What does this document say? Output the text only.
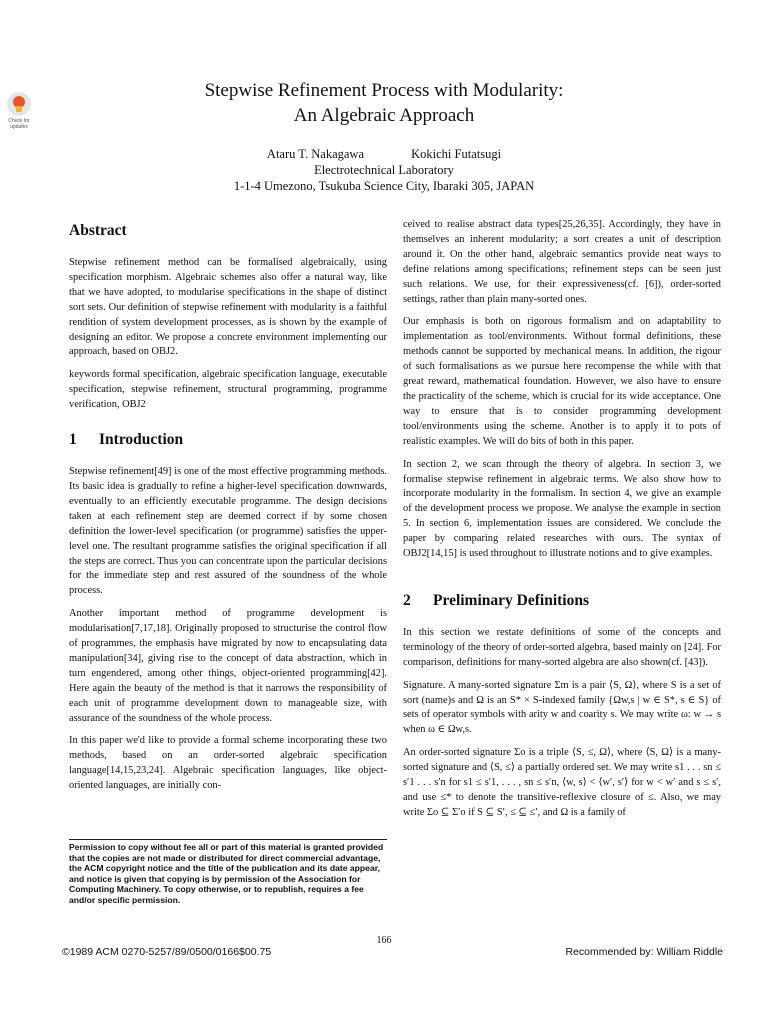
Check for updates
Stepwise Refinement Process with Modularity:
An Algebraic Approach
Ataru T. Nakagawa	Kokichi Futatsugi
Electrotechnical Laboratory
1-1-4 Umezono, Tsukuba Science City, Ibaraki 305, JAPAN
Abstract

Stepwise refinement method can be formalised algebraically, using specification morphism. Algebraic schemes also offer a natural way, like that we have adopted, to modularise specifications in the shape of distinct sort sets. Our definition of stepwise refinement with modularity is a faithful rendition of system development processes, as is shown by the example of designing an editor. We propose a concrete environment implementing our approach, based on OBJ2.

keywords formal specification, algebraic specification language, executable specification, stepwise refinement, structural programming, programme verification, OBJ2

1 Introduction

Stepwise refinement[49] is one of the most effective programming methods. Its basic idea is gradually to refine a higher-level specification downwards, eventually to an efficiently executable programme. The design decisions taken at each refinement step are deemed correct if by some chosen definition the lower-level specification (or programme) satisfies the upper-level one. The resultant programme satisfies the original specification if all the steps are correct. Thus you can concentrate upon the particular decisions for the immediate step and rest assured of the soundness of the whole process.

Another important method of programme development is modularisation[7,17,18]. Originally proposed to structurise the control flow of programmes, the emphasis have migrated by now to encapsulating data manipulation[34], giving rise to the concept of data abstraction, which in turn engendered, among other things, object-oriented programming[42]. Here again the beauty of the method is that it narrows the responsibility of each unit of programme development down to manageable size, with assurance of the soundness of the whole process.

In this paper we'd like to provide a formal scheme incorporating these two methods, based on an order-sorted algebraic specification language[14,15,23,24]. Algebraic specification languages, like object-oriented languages, are initially con-

ceived to realise abstract data types[25,26,35]. Accordingly, they have in themselves an inherent modularity; a sort creates a unit of description around it. On the other hand, algebraic semantics provide neat ways to define relations among specifications; refinement steps can be seen just such relations. We use, for their expressiveness(cf. [6]), order-sorted settings, rather than plain many-sorted ones.

Our emphasis is both on rigorous formalism and on adaptability to implementation as tool/environments. Without formal definitions, these methods cannot be supported by mechanical means. In addition, the rigour of such formalisations as we pursue here recompense the while with that great reward, mathematical foundation. However, we also have to ensure the practicality of the scheme, which is crucial for its wide acceptance. One way to ensure that is to consider programming development tool/environments using the scheme. Another is to apply it to pots of realistic examples. We will do bits of both in this paper.

In section 2, we scan through the theory of algebra. In section 3, we formalise stepwise refinement in algebraic terms. We also show how to incorporate modularity in the formalism. In section 4, we give an example of the development process we propose. We analyse the example in section 5. In section 6, implementation issues are considered. We conclude the paper by comparing related researches with ours. The syntax of OBJ2[14,15] is used throughout to illustrate notions and to give examples.

2 Preliminary Definitions

In this section we restate definitions of some of the concepts and terminology of the theory of order-sorted algebra, based mainly on [24]. For comparison, definitions for many-sorted algebra are also shown(cf. [43]).

Signature. A many-sorted signature Σm is a pair ⟨S, Ω⟩, where S is a set of sort (name)s and Ω is an S* × S-indexed family {Ωw,s | w ∈ S*, s ∈ S} of sets of operator symbols with arity w and coarity s. We may write ω: w → s when ω ∈ Ωw,s.

An order-sorted signature Σo is a triple ⟨S, ≤, Ω⟩, where ⟨S, Ω⟩ is a many-sorted signature and ⟨S, ≤⟩ a partially ordered set. We may write s1 . . . sn ≤ s′1 . . . s′n for s1 ≤ s′1, . . . , sn ≤ s′n, ⟨w, s⟩ < ⟨w′, s′⟩ for w < w′ and s ≤ s′, and use ≤* to denote the transitive-reflexive closure of ≤. Also, we may write Σo ⊆ Σ′o if S ⊆ S′, ≤ ⊆ ≤′, and Ω is a family of

Permission to copy without fee all or part of this material is granted provided that the copies are not made or distributed for direct commercial advantage, the ACM copyright notice and the title of the publication and its date appear, and notice is given that copying is by permission of the Association for Computing Machinery. To copy otherwise, or to republish, requires a fee and/or specific permission.
166
©1989 ACM 0270-5257/89/0500/0166$00.75	Recommended by: William Riddle
